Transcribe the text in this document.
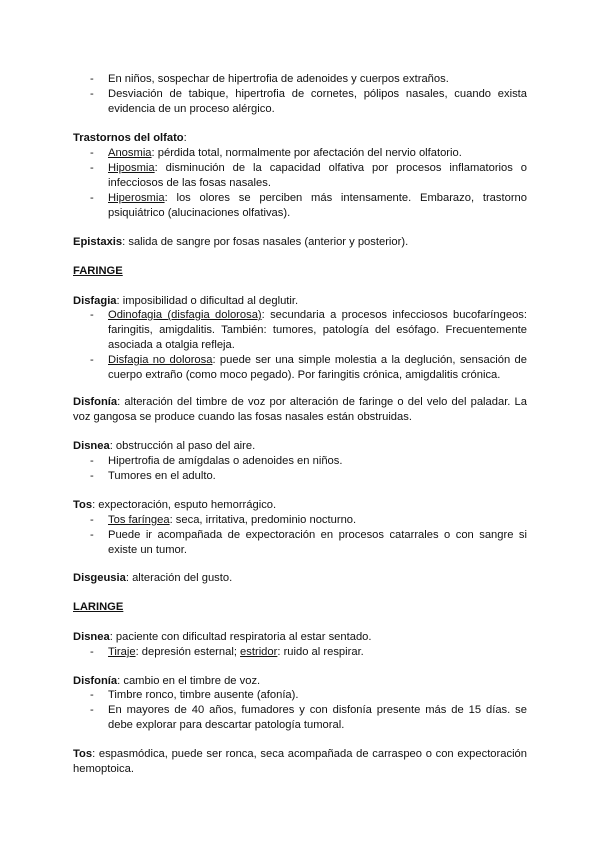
- En niños, sospechar de hipertrofia de adenoides y cuerpos extraños.
- Desviación de tabique, hipertrofia de cornetes, pólipos nasales, cuando exista evidencia de un proceso alérgico.
Trastornos del olfato:
- Anosmia: pérdida total, normalmente por afectación del nervio olfatorio.
- Hiposmia: disminución de la capacidad olfativa por procesos inflamatorios o infecciosos de las fosas nasales.
- Hiperosmia: los olores se perciben más intensamente. Embarazo, trastorno psiquiátrico (alucinaciones olfativas).
Epistaxis: salida de sangre por fosas nasales (anterior y posterior).
FARINGE
Disfagia: imposibilidad o dificultad al deglutir.
- Odinofagia (disfagia dolorosa): secundaria a procesos infecciosos bucofaríngeos: faringitis, amigdalitis. También: tumores, patología del esófago. Frecuentemente asociada a otalgia refleja.
- Disfagia no dolorosa: puede ser una simple molestia a la deglución, sensación de cuerpo extraño (como moco pegado). Por faringitis crónica, amigdalitis crónica.
Disfonía: alteración del timbre de voz por alteración de faringe o del velo del paladar. La voz gangosa se produce cuando las fosas nasales están obstruidas.
Disnea: obstrucción al paso del aire.
- Hipertrofia de amígdalas o adenoides en niños.
- Tumores en el adulto.
Tos: expectoración, esputo hemorrágico.
- Tos faríngea: seca, irritativa, predominio nocturno.
- Puede ir acompañada de expectoración en procesos catarrales o con sangre si existe un tumor.
Disgeusia: alteración del gusto.
LARINGE
Disnea: paciente con dificultad respiratoria al estar sentado.
- Tiraje: depresión esternal; estridor: ruido al respirar.
Disfonía: cambio en el timbre de voz.
- Timbre ronco, timbre ausente (afonía).
- En mayores de 40 años, fumadores y con disfonía presente más de 15 días. se debe explorar para descartar patología tumoral.
Tos: espasmódica, puede ser ronca, seca acompañada de carraspeo o con expectoración hemoptoica.
